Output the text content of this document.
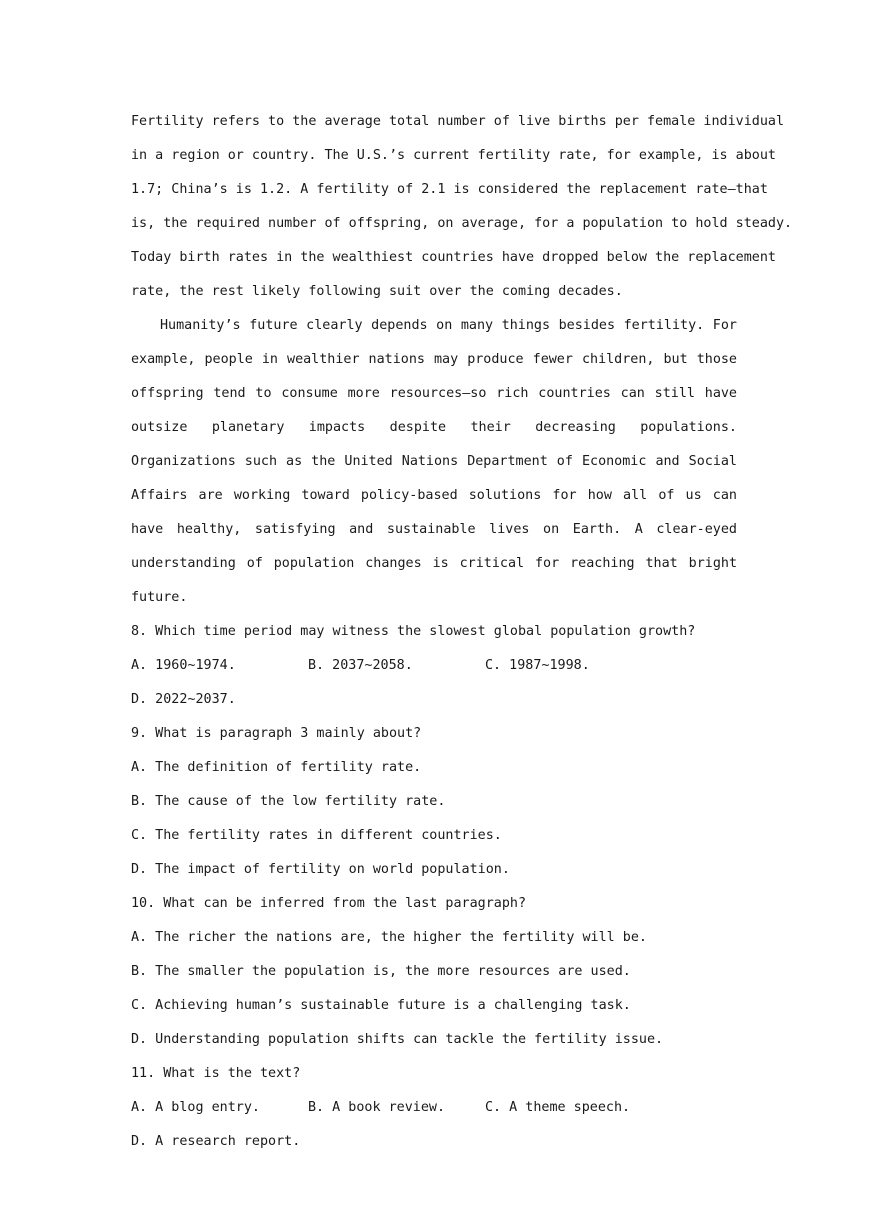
Fertility refers to the average total number of live births per female individual
in a region or country. The U.S.’s current fertility rate, for example, is about
1.7; China’s is 1.2. A fertility of 2.1 is considered the replacement rate—that
is, the required number of offspring, on average, for a population to hold steady.
Today birth rates in the wealthiest countries have dropped below the replacement
rate, the rest likely following suit over the coming decades.

Humanity’s future clearly depends on many things besides fertility. For example, people in wealthier nations may produce fewer children, but those offspring tend to consume more resources—so rich countries can still have outsize planetary impacts despite their decreasing populations. Organizations such as the United Nations Department of Economic and Social Affairs are working toward policy-based solutions for how all of us can have healthy, satisfying and sustainable lives on Earth. A clear-eyed understanding of population changes is critical for reaching that bright future.

8. Which time period may witness the slowest global population growth?

A. 1960~1974.	B. 2037~2058.	C. 1987~1998.
D. 2022~2037.

9. What is paragraph 3 mainly about?

A. The definition of fertility rate.
B. The cause of the low fertility rate.
C. The fertility rates in different countries.
D. The impact of fertility on world population.

10. What can be inferred from the last paragraph?

A. The richer the nations are, the higher the fertility will be.
B. The smaller the population is, the more resources are used.
C. Achieving human’s sustainable future is a challenging task.
D. Understanding population shifts can tackle the fertility issue.

11. What is the text?

A. A blog entry.	B. A book review.	C. A theme speech.
D. A research report.
